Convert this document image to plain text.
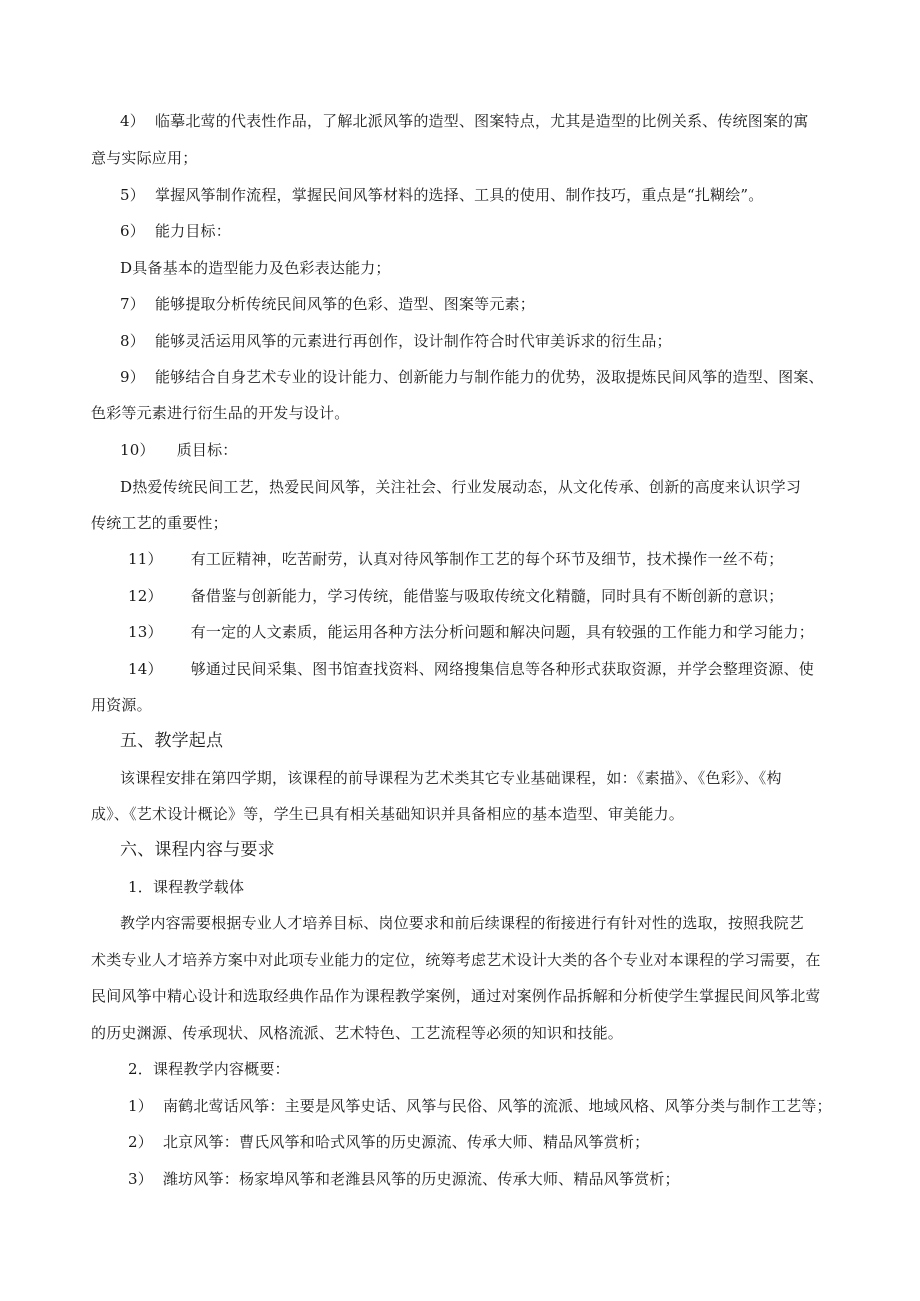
4） 临摹北莺的代表性作品，了解北派风筝的造型、图案特点，尤其是造型的比例关系、传统图案的寓
意与实际应用；
5） 掌握风筝制作流程，掌握民间风筝材料的选择、工具的使用、制作技巧，重点是“扎糊绘”。
6） 能力目标：
D具备基本的造型能力及色彩表达能力；
7） 能够提取分析传统民间风筝的色彩、造型、图案等元素；
8） 能够灵活运用风筝的元素进行再创作，设计制作符合时代审美诉求的衍生品；
9） 能够结合自身艺术专业的设计能力、创新能力与制作能力的优势，汲取提炼民间风筝的造型、图案、
色彩等元素进行衍生品的开发与设计。
10） 质目标：
D热爱传统民间工艺，热爱民间风筝，关注社会、行业发展动态，从文化传承、创新的高度来认识学习
传统工艺的重要性；
11） 有工匠精神，吃苦耐劳，认真对待风筝制作工艺的每个环节及细节，技术操作一丝不苟；
12） 备借鉴与创新能力，学习传统，能借鉴与吸取传统文化精髓，同时具有不断创新的意识；
13） 有一定的人文素质，能运用各种方法分析问题和解决问题，具有较强的工作能力和学习能力；
14） 够通过民间采集、图书馆查找资料、网络搜集信息等各种形式获取资源，并学会整理资源、使
用资源。
五、教学起点
该课程安排在第四学期，该课程的前导课程为艺术类其它专业基础课程，如：《素描》、《色彩》、《构
成》、《艺术设计概论》等，学生已具有相关基础知识并具备相应的基本造型、审美能力。
六、课程内容与要求
1．课程教学载体
教学内容需要根据专业人才培养目标、岗位要求和前后续课程的衔接进行有针对性的选取，按照我院艺
术类专业人才培养方案中对此项专业能力的定位，统筹考虑艺术设计大类的各个专业对本课程的学习需要，在
民间风筝中精心设计和选取经典作品作为课程教学案例，通过对案例作品拆解和分析使学生掌握民间风筝北莺
的历史渊源、传承现状、风格流派、艺术特色、工艺流程等必须的知识和技能。
2．课程教学内容概要：
1） 南鹤北莺话风筝：主要是风筝史话、风筝与民俗、风筝的流派、地域风格、风筝分类与制作工艺等；
2） 北京风筝：曹氏风筝和哈式风筝的历史源流、传承大师、精品风筝赏析；
3） 潍坊风筝：杨家埠风筝和老潍县风筝的历史源流、传承大师、精品风筝赏析；
